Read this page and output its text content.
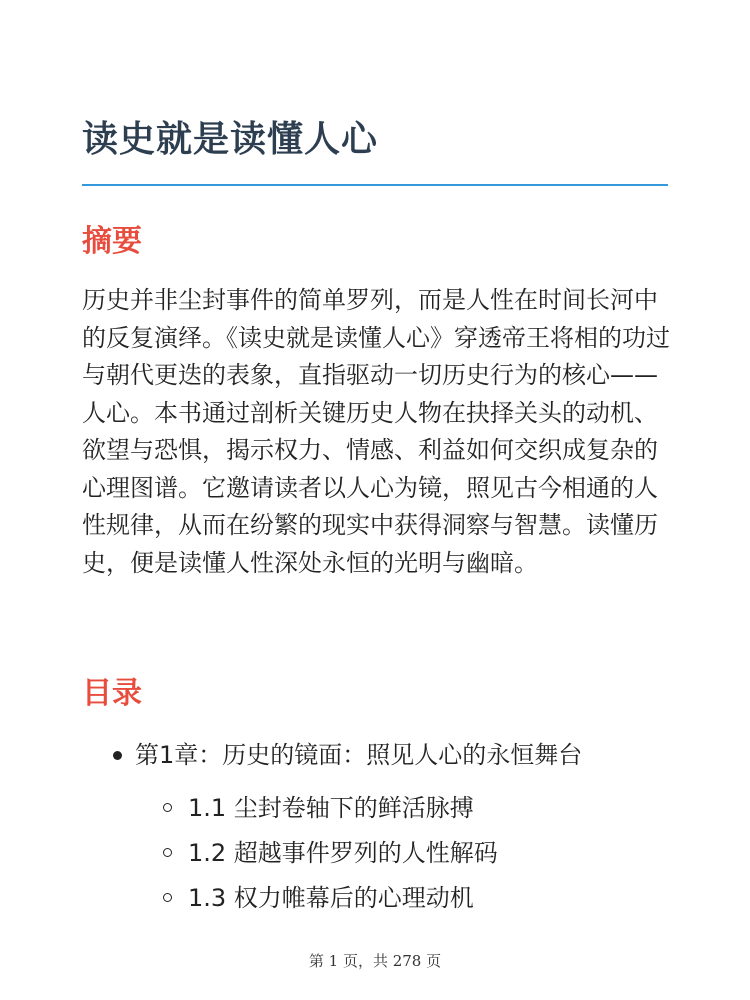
读史就是读懂人心
摘要

历史并非尘封事件的简单罗列，而是人性在时间长河中的反复演绎。《读史就是读懂人心》穿透帝王将相的功过与朝代更迭的表象，直指驱动一切历史行为的核心——人心。本书通过剖析关键历史人物在抉择关头的动机、欲望与恐惧，揭示权力、情感、利益如何交织成复杂的心理图谱。它邀请读者以人心为镜，照见古今相通的人性规律，从而在纷繁的现实中获得洞察与智慧。读懂历史，便是读懂人性深处永恒的光明与幽暗。

目录
第1章：历史的镜面：照见人心的永恒舞台
1.1 尘封卷轴下的鲜活脉搏
1.2 超越事件罗列的人性解码
1.3 权力帷幕后的心理动机
第 1 页，共 278 页
